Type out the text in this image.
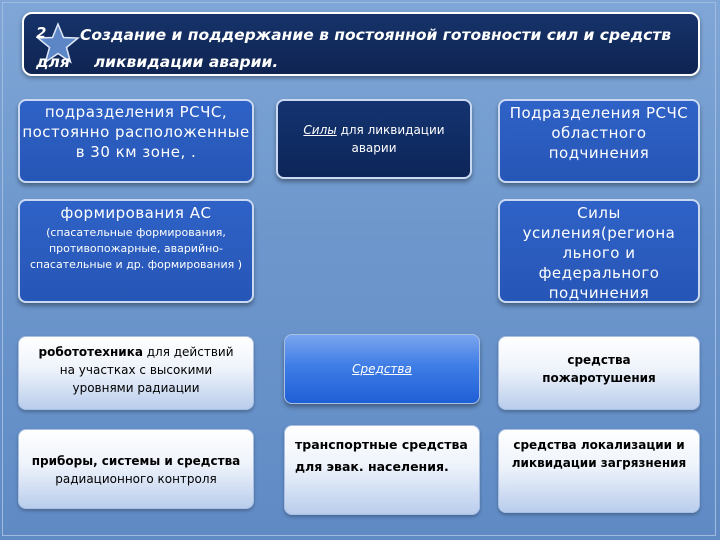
Создание и поддержание в постоянной готовности сил и средств
для ликвидации аварии.
2
подразделения РСЧС, постоянно расположенные в 30 км зоне, .
Силы для ликвидации аварии
Подразделения РСЧС областного подчинения
формирования АС
(спасательные формирования, противопожарные, аварийно-спасательные и др. формирования )
Силы усиления(региона льного и федерального подчинения
робототехника для действий на участках с высокими уровнями радиации
Средства
средства пожаротушения
приборы, системы и средства
радиационного контроля
транспортные средства для эвак. населения.
средства локализации и ликвидации загрязнения
